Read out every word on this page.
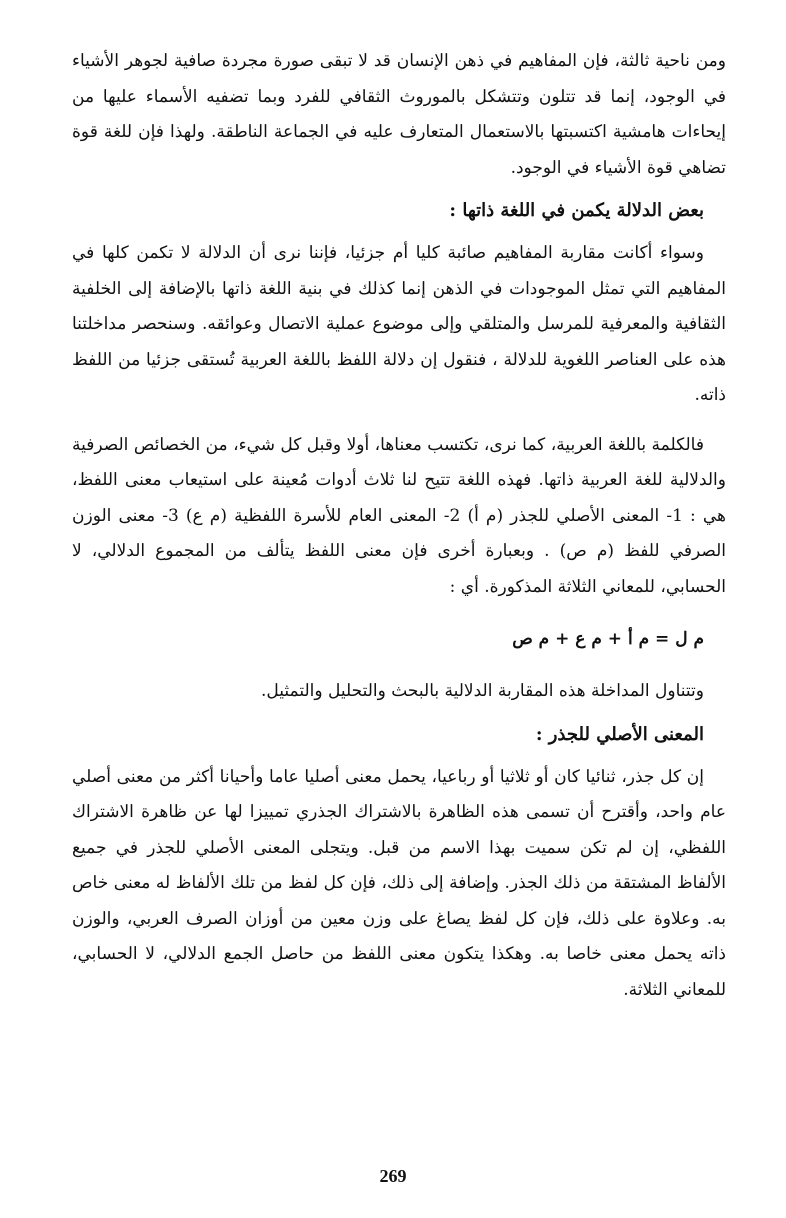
ومن ناحية ثالثة، فإن المفاهيم في ذهن الإنسان قد لا تبقى صورة مجردة صافية لجوهر الأشياء في الوجود، إنما قد تتلون وتتشكل بالموروث الثقافي للفرد وبما تضفيه الأسماء عليها من إيحاءات هامشية اكتسبتها بالاستعمال المتعارف عليه في الجماعة الناطقة. ولهذا فإن للغة قوة تضاهي قوة الأشياء في الوجود.

بعض الدلالة يكمن في اللغة ذاتها :

وسواء أكانت مقاربة المفاهيم صائبة كليا أم جزئيا، فإننا نرى أن الدلالة لا تكمن كلها في المفاهيم التي تمثل الموجودات في الذهن إنما كذلك في بنية اللغة ذاتها بالإضافة إلى الخلفية الثقافية والمعرفية للمرسل والمتلقي وإلى موضوع عملية الاتصال وعوائقه. وسنحصر مداخلتنا هذه على العناصر اللغوية للدلالة ، فنقول إن دلالة اللفظ باللغة العربية تُستقى جزئيا من اللفظ ذاته.

فالكلمة باللغة العربية، كما نرى، تكتسب معناها، أولا وقبل كل شيء، من الخصائص الصرفية والدلالية للغة العربية ذاتها. فهذه اللغة تتيح لنا ثلاث أدوات مُعينة على استيعاب معنى اللفظ، هي : 1- المعنى الأصلي للجذر (م أ) 2- المعنى العام للأسرة اللفظية (م ع) 3- معنى الوزن الصرفي للفظ (م ص) . وبعبارة أخرى فإن معنى اللفظ يتألف من المجموع الدلالي، لا الحسابي، للمعاني الثلاثة المذكورة. أي :

م ل = م أ + م ع + م ص

وتتناول المداخلة هذه المقاربة الدلالية بالبحث والتحليل والتمثيل.

المعنى الأصلي للجذر :

إن كل جذر، ثنائيا كان أو ثلاثيا أو رباعيا، يحمل معنى أصليا عاما وأحيانا أكثر من معنى أصلي عام واحد، وأقترح أن تسمى هذه الظاهرة بالاشتراك الجذري تمييزا لها عن ظاهرة الاشتراك اللفظي، إن لم تكن سميت بهذا الاسم من قبل. ويتجلى المعنى الأصلي للجذر في جميع الألفاظ المشتقة من ذلك الجذر. وإضافة إلى ذلك، فإن كل لفظ من تلك الألفاظ له معنى خاص به. وعلاوة على ذلك، فإن كل لفظ يصاغ على وزن معين من أوزان الصرف العربي، والوزن ذاته يحمل معنى خاصا به. وهكذا يتكون معنى اللفظ من حاصل الجمع الدلالي، لا الحسابي، للمعاني الثلاثة.

269
